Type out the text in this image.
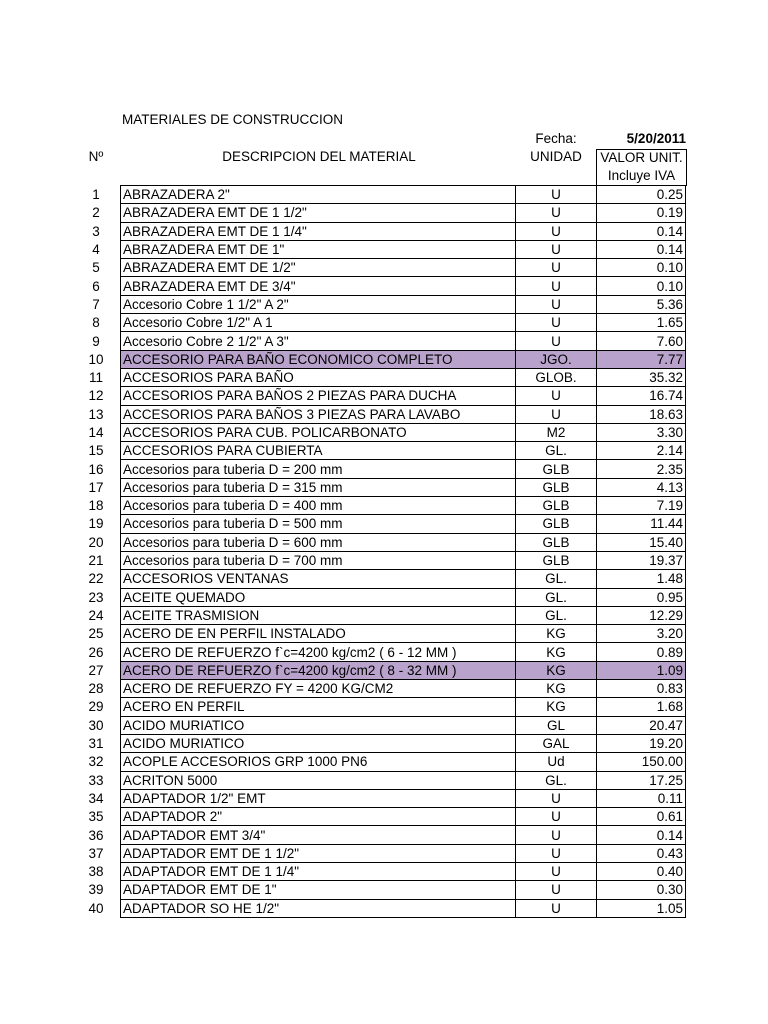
MATERIALES DE CONSTRUCCION
Fecha:	5/20/2011
Nº	DESCRIPCION DEL MATERIAL	UNIDAD	VALOR UNIT.
Incluye IVA
1	ABRAZADERA 2"	U	0.25
2	ABRAZADERA EMT DE 1 1/2"	U	0.19
3	ABRAZADERA EMT DE 1 1/4"	U	0.14
4	ABRAZADERA EMT DE 1"	U	0.14
5	ABRAZADERA EMT DE 1/2"	U	0.10
6	ABRAZADERA EMT DE 3/4"	U	0.10
7	Accesorio Cobre 1 1/2" A 2"	U	5.36
8	Accesorio Cobre 1/2" A 1	U	1.65
9	Accesorio Cobre 2 1/2" A 3"	U	7.60
10	ACCESORIO PARA BAÑO ECONOMICO COMPLETO	JGO.	7.77
11	ACCESORIOS PARA BAÑO	GLOB.	35.32
12	ACCESORIOS PARA BAÑOS 2 PIEZAS PARA DUCHA	U	16.74
13	ACCESORIOS PARA BAÑOS 3 PIEZAS PARA LAVABO	U	18.63
14	ACCESORIOS PARA CUB. POLICARBONATO	M2	3.30
15	ACCESORIOS PARA CUBIERTA	GL.	2.14
16	Accesorios para tuberia D = 200 mm	GLB	2.35
17	Accesorios para tuberia D = 315 mm	GLB	4.13
18	Accesorios para tuberia D = 400 mm	GLB	7.19
19	Accesorios para tuberia D = 500 mm	GLB	11.44
20	Accesorios para tuberia D = 600 mm	GLB	15.40
21	Accesorios para tuberia D = 700 mm	GLB	19.37
22	ACCESORIOS VENTANAS	GL.	1.48
23	ACEITE QUEMADO	GL.	0.95
24	ACEITE TRASMISION	GL.	12.29
25	ACERO DE EN PERFIL INSTALADO	KG	3.20
26	ACERO DE REFUERZO f`c=4200 kg/cm2 ( 6 - 12 MM )	KG	0.89
27	ACERO DE REFUERZO f`c=4200 kg/cm2 ( 8 - 32 MM )	KG	1.09
28	ACERO DE REFUERZO FY = 4200 KG/CM2	KG	0.83
29	ACERO EN PERFIL	KG	1.68
30	ACIDO MURIATICO	GL	20.47
31	ACIDO MURIATICO	GAL	19.20
32	ACOPLE ACCESORIOS GRP 1000 PN6	Ud	150.00
33	ACRITON 5000	GL.	17.25
34	ADAPTADOR 1/2" EMT	U	0.11
35	ADAPTADOR 2"	U	0.61
36	ADAPTADOR EMT 3/4"	U	0.14
37	ADAPTADOR EMT DE 1 1/2"	U	0.43
38	ADAPTADOR EMT DE 1 1/4"	U	0.40
39	ADAPTADOR EMT DE 1"	U	0.30
40	ADAPTADOR SO HE 1/2"	U	1.05
